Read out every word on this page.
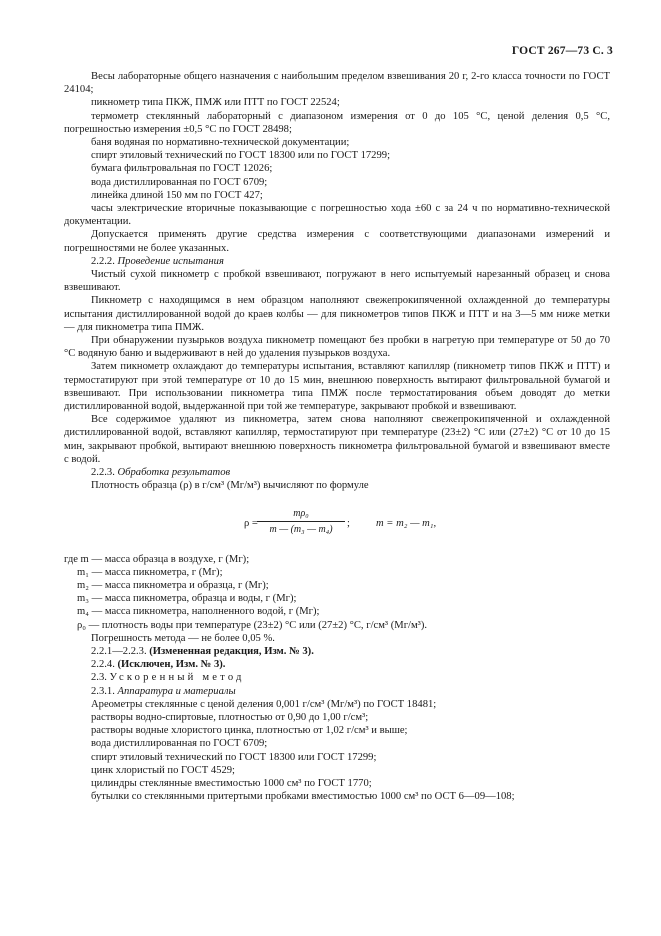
ГОСТ 267—73 С. 3

Весы лабораторные общего назначения с наибольшим пределом взвешивания 20 г, 2-го класса точности по ГОСТ 24104;

пикнометр типа ПКЖ, ПМЖ или ПТТ по ГОСТ 22524;

термометр стеклянный лабораторный с диапазоном измерения от 0 до 105 °С, ценой деления 0,5 °С, погрешностью измерения ±0,5 °С по ГОСТ 28498;

баня водяная по нормативно-технической документации;

спирт этиловый технический по ГОСТ 18300 или по ГОСТ 17299;

бумага фильтровальная по ГОСТ 12026;

вода дистиллированная по ГОСТ 6709;

линейка длиной 150 мм по ГОСТ 427;

часы электрические вторичные показывающие с погрешностью хода ±60 с за 24 ч по нормативно-технической документации.

Допускается применять другие средства измерения с соответствующими диапазонами измерений и погрешностями не более указанных.

2.2.2. Проведение испытания

Чистый сухой пикнометр с пробкой взвешивают, погружают в него испытуемый нарезанный образец и снова взвешивают.

Пикнометр с находящимся в нем образцом наполняют свежепрокипяченной охлажденной до температуры испытания дистиллированной водой до краев колбы — для пикнометров типов ПКЖ и ПТТ и на 3—5 мм ниже метки — для пикнометра типа ПМЖ.

При обнаружении пузырьков воздуха пикнометр помещают без пробки в нагретую при температуре от 50 до 70 °С водяную баню и выдерживают в ней до удаления пузырьков воздуха.

Затем пикнометр охлаждают до температуры испытания, вставляют капилляр (пикнометр типов ПКЖ и ПТТ) и термостатируют при этой температуре от 10 до 15 мин, внешнюю поверхность вытирают фильтровальной бумагой и взвешивают. При использовании пикнометра типа ПМЖ после термостатирования объем доводят до метки дистиллированной водой, выдержанной при той же температуре, закрывают пробкой и взвешивают.

Все содержимое удаляют из пикнометра, затем снова наполняют свежепрокипяченной и охлажденной дистиллированной водой, вставляют капилляр, термостатируют при температуре (23±2) °С или (27±2) °С от 10 до 15 мин, закрывают пробкой, вытирают внешнюю поверхность пикнометра фильтровальной бумагой и взвешивают вместе с водой.

2.2.3. Обработка результатов

Плотность образца (ρ) в г/см³ (Мг/м³) вычисляют по формуле

$\rho = \frac{\text{mρ₀}}{\text{m — (m₃ — m₄)}}$ ; m = m₂ — m₁,

где m — масса образца в воздухе, г (Мг);

m₁ — масса пикнометра, г (Мг);

m₂ — масса пикнометра и образца, г (Мг);

m₃ — масса пикнометра, образца и воды, г (Мг);

m₄ — масса пикнометра, наполненного водой, г (Мг);

ρ₀ — плотность воды при температуре (23±2) °С или (27±2) °С, г/см³ (Мг/м³).

Погрешность метода — не более 0,05 %.

2.2.1—2.2.3. (Измененная редакция, Изм. № 3).

2.2.4. (Исключен, Изм. № 3).

2.3. Ускоренный метод

2.3.1. Аппаратура и материалы

Ареометры стеклянные с ценой деления 0,001 г/см³ (Мг/м³) по ГОСТ 18481;

растворы водно-спиртовые, плотностью от 0,90 до 1,00 г/см³;

растворы водные хлористого цинка, плотностью от 1,02 г/см³ и выше;

вода дистиллированная по ГОСТ 6709;

спирт этиловый технический по ГОСТ 18300 или ГОСТ 17299;

цинк хлористый по ГОСТ 4529;

цилиндры стеклянные вместимостью 1000 см³ по ГОСТ 1770;

бутылки со стеклянными притертыми пробками вместимостью 1000 см³ по ОСТ 6—09—108;
